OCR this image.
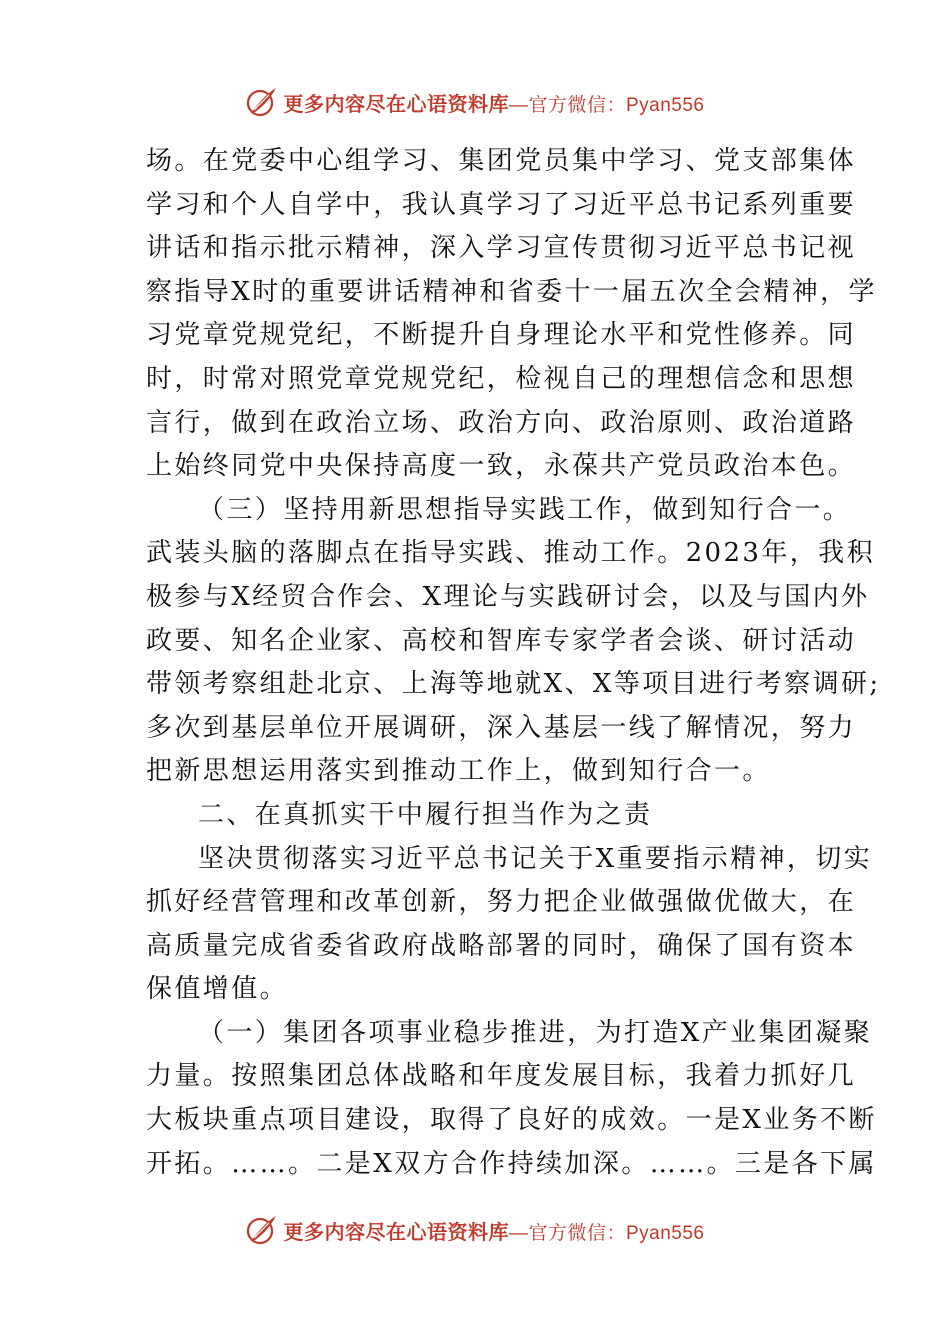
更多内容尽在心语资料库—官方微信：Pyan556
场。在党委中心组学习、集团党员集中学习、党支部集体
学习和个人自学中，我认真学习了习近平总书记系列重要
讲话和指示批示精神，深入学习宣传贯彻习近平总书记视
察指导X时的重要讲话精神和省委十一届五次全会精神，学
习党章党规党纪，不断提升自身理论水平和党性修养。同
时，时常对照党章党规党纪，检视自己的理想信念和思想
言行，做到在政治立场、政治方向、政治原则、政治道路
上始终同党中央保持高度一致，永葆共产党员政治本色。
（三）坚持用新思想指导实践工作，做到知行合一。
武装头脑的落脚点在指导实践、推动工作。2023年，我积
极参与X经贸合作会、X理论与实践研讨会，以及与国内外
政要、知名企业家、高校和智库专家学者会谈、研讨活动
带领考察组赴北京、上海等地就X、X等项目进行考察调研;
多次到基层单位开展调研，深入基层一线了解情况，努力
把新思想运用落实到推动工作上，做到知行合一。
二、在真抓实干中履行担当作为之责
坚决贯彻落实习近平总书记关于X重要指示精神，切实
抓好经营管理和改革创新，努力把企业做强做优做大，在
高质量完成省委省政府战略部署的同时，确保了国有资本
保值增值。
（一）集团各项事业稳步推进，为打造X产业集团凝聚
力量。按照集团总体战略和年度发展目标，我着力抓好几
大板块重点项目建设，取得了良好的成效。一是X业务不断
开拓。……。二是X双方合作持续加深。……。三是各下属
更多内容尽在心语资料库—官方微信：Pyan556
